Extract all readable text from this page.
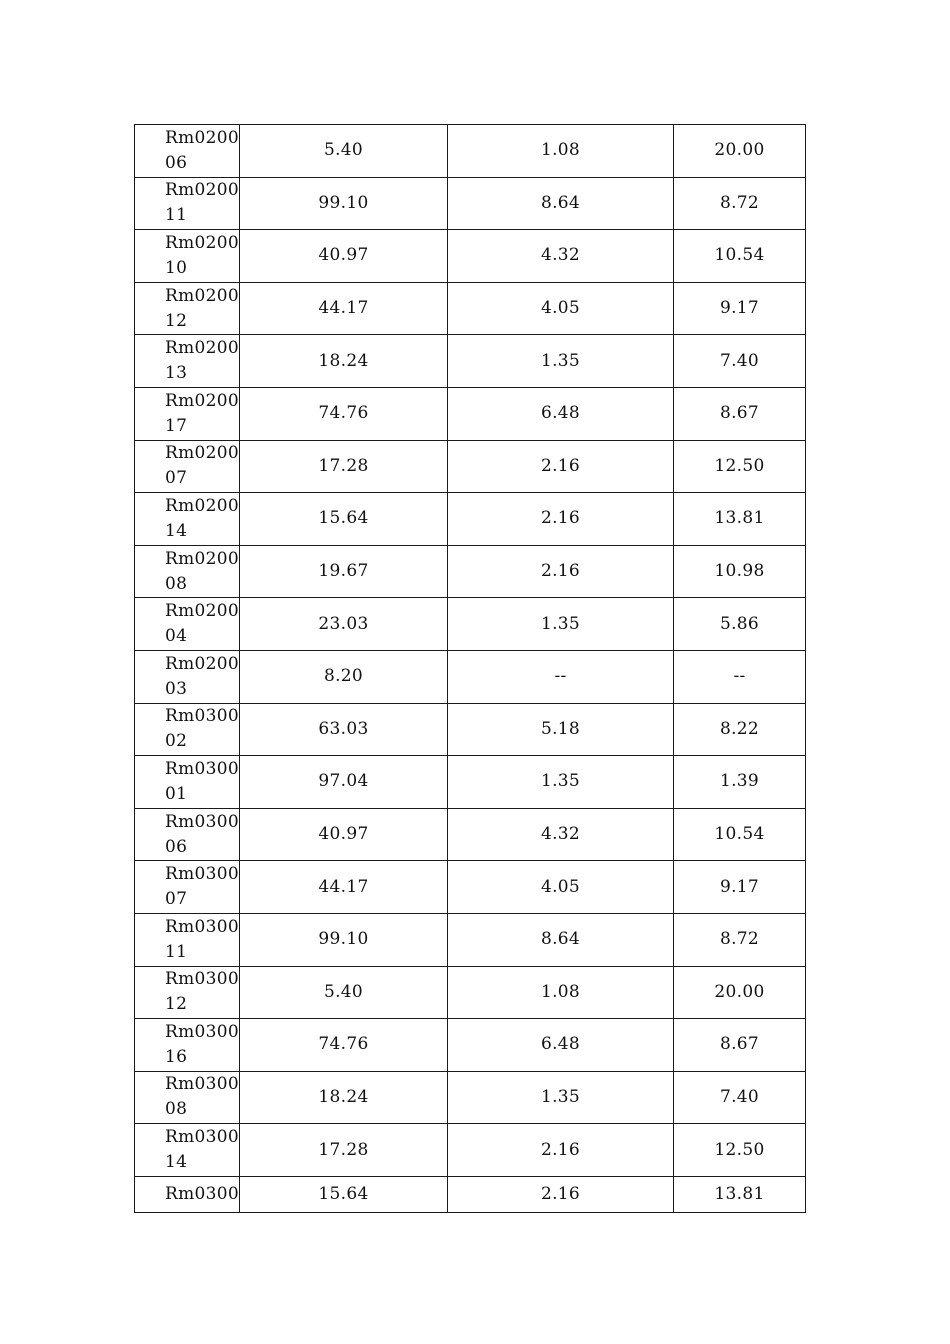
Rm0200
06	5.40	1.08	20.00
Rm0200
11	99.10	8.64	8.72
Rm0200
10	40.97	4.32	10.54
Rm0200
12	44.17	4.05	9.17
Rm0200
13	18.24	1.35	7.40
Rm0200
17	74.76	6.48	8.67
Rm0200
07	17.28	2.16	12.50
Rm0200
14	15.64	2.16	13.81
Rm0200
08	19.67	2.16	10.98
Rm0200
04	23.03	1.35	5.86
Rm0200
03	8.20	--	--
Rm0300
02	63.03	5.18	8.22
Rm0300
01	97.04	1.35	1.39
Rm0300
06	40.97	4.32	10.54
Rm0300
07	44.17	4.05	9.17
Rm0300
11	99.10	8.64	8.72
Rm0300
12	5.40	1.08	20.00
Rm0300
16	74.76	6.48	8.67
Rm0300
08	18.24	1.35	7.40
Rm0300
14	17.28	2.16	12.50
Rm0300	15.64	2.16	13.81
